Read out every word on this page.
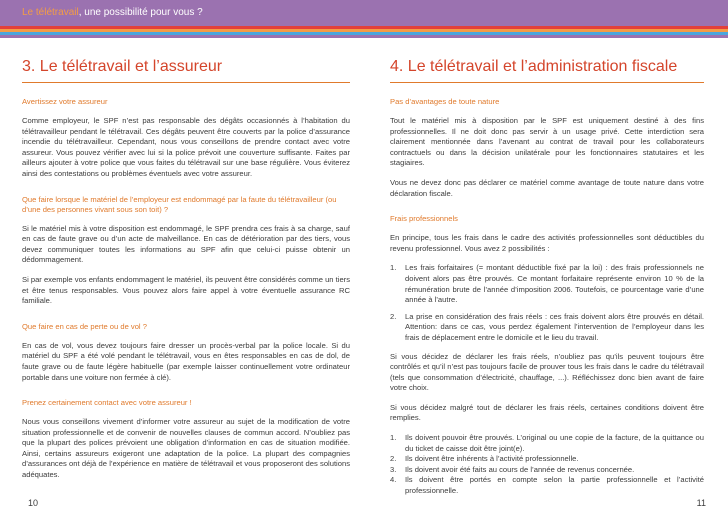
Le télétravail, une possibilité pour vous ?
3. Le télétravail et l’assureur
Avertissez votre assureur

Comme employeur, le SPF n’est pas responsable des dégâts occasionnés à l’habitation du télétravailleur pendant le télétravail. Ces dégâts peuvent être couverts par la police d’assurance incendie du télétravailleur. Cependant, nous vous conseillons de prendre contact avec votre assureur. Vous pouvez vérifier avec lui si la police prévoit une couverture suffisante. Faites par ailleurs ajouter à votre police que vous faites du télétravail sur une base régulière. Vous éviterez ainsi des contestations ou problèmes éventuels avec votre assureur.

Que faire lorsque le matériel de l’employeur est endommagé par la faute du télétravailleur (ou d’une des personnes vivant sous son toit) ?

Si le matériel mis à votre disposition est endommagé, le SPF prendra ces frais à sa charge, sauf en cas de faute grave ou d’un acte de malveillance. En cas de détérioration par des tiers, vous devez communiquer toutes les informations au SPF afin que celui-ci puisse obtenir un dédommagement.

Si par exemple vos enfants endommagent le matériel, ils peuvent être considérés comme un tiers et être tenus responsables. Vous pouvez alors faire appel à votre éventuelle assurance RC familiale.

Que faire en cas de perte ou de vol ?

En cas de vol, vous devez toujours faire dresser un procès-verbal par la police locale. Si du matériel du SPF a été volé pendant le télétravail, vous en êtes responsables en cas de dol, de faute grave ou de faute légère habituelle (par exemple laisser continuellement votre ordinateur portable dans une voiture non fermée à clé).

Prenez certainement contact avec votre assureur !

Nous vous conseillons vivement d’informer votre assureur au sujet de la modification de votre situation professionnelle et de convenir de nouvelles clauses de commun accord. N’oubliez pas que la plupart des polices prévoient une obligation d’information en cas de situation modifiée. Ainsi, certains assureurs exigeront une adaptation de la police. La plupart des compagnies d’assurances ont déjà de l’expérience en matière de télétravail et vous proposeront des solutions adéquates.

4. Le télétravail et l’administration fiscale
Pas d’avantages de toute nature

Tout le matériel mis à disposition par le SPF est uniquement destiné à des fins professionnelles. Il ne doit donc pas servir à un usage privé. Cette interdiction sera clairement mentionnée dans l’avenant au contrat de travail pour les collaborateurs contractuels ou dans la décision unilatérale pour les fonctionnaires statutaires et les stagiaires.

Vous ne devez donc pas déclarer ce matériel comme avantage de toute nature dans votre déclaration fiscale.

Frais professionnels

En principe, tous les frais dans le cadre des activités professionnelles sont déductibles du revenu professionnel. Vous avez 2 possibilités :

1. Les frais forfaitaires (= montant déductible fixé par la loi) : des frais professionnels ne doivent alors pas être prouvés. Ce montant forfaitaire représente environ 10 % de la rémunération brute de l’année d’imposition 2006. Toutefois, ce pourcentage varie d’une année à l’autre.
2. La prise en considération des frais réels : ces frais doivent alors être prouvés en détail. Attention: dans ce cas, vous perdez également l’intervention de l’employeur dans les frais de déplacement entre le domicile et le lieu du travail.

Si vous décidez de déclarer les frais réels, n’oubliez pas qu’ils peuvent toujours être contrôlés et qu’il n’est pas toujours facile de prouver tous les frais dans le cadre du télétravail (tels que consommation d’électricité, chauffage, ...). Réfléchissez donc bien avant de faire votre choix.

Si vous décidez malgré tout de déclarer les frais réels, certaines conditions doivent être remplies.

1. Ils doivent pouvoir être prouvés. L’original ou une copie de la facture, de la quittance ou du ticket de caisse doit être joint(e).
2. Ils doivent être inhérents à l’activité professionnelle.
3. Ils doivent avoir été faits au cours de l’année de revenus concernée.
4. Ils doivent être portés en compte selon la partie professionnelle et l’activité professionnelle.
10	11
